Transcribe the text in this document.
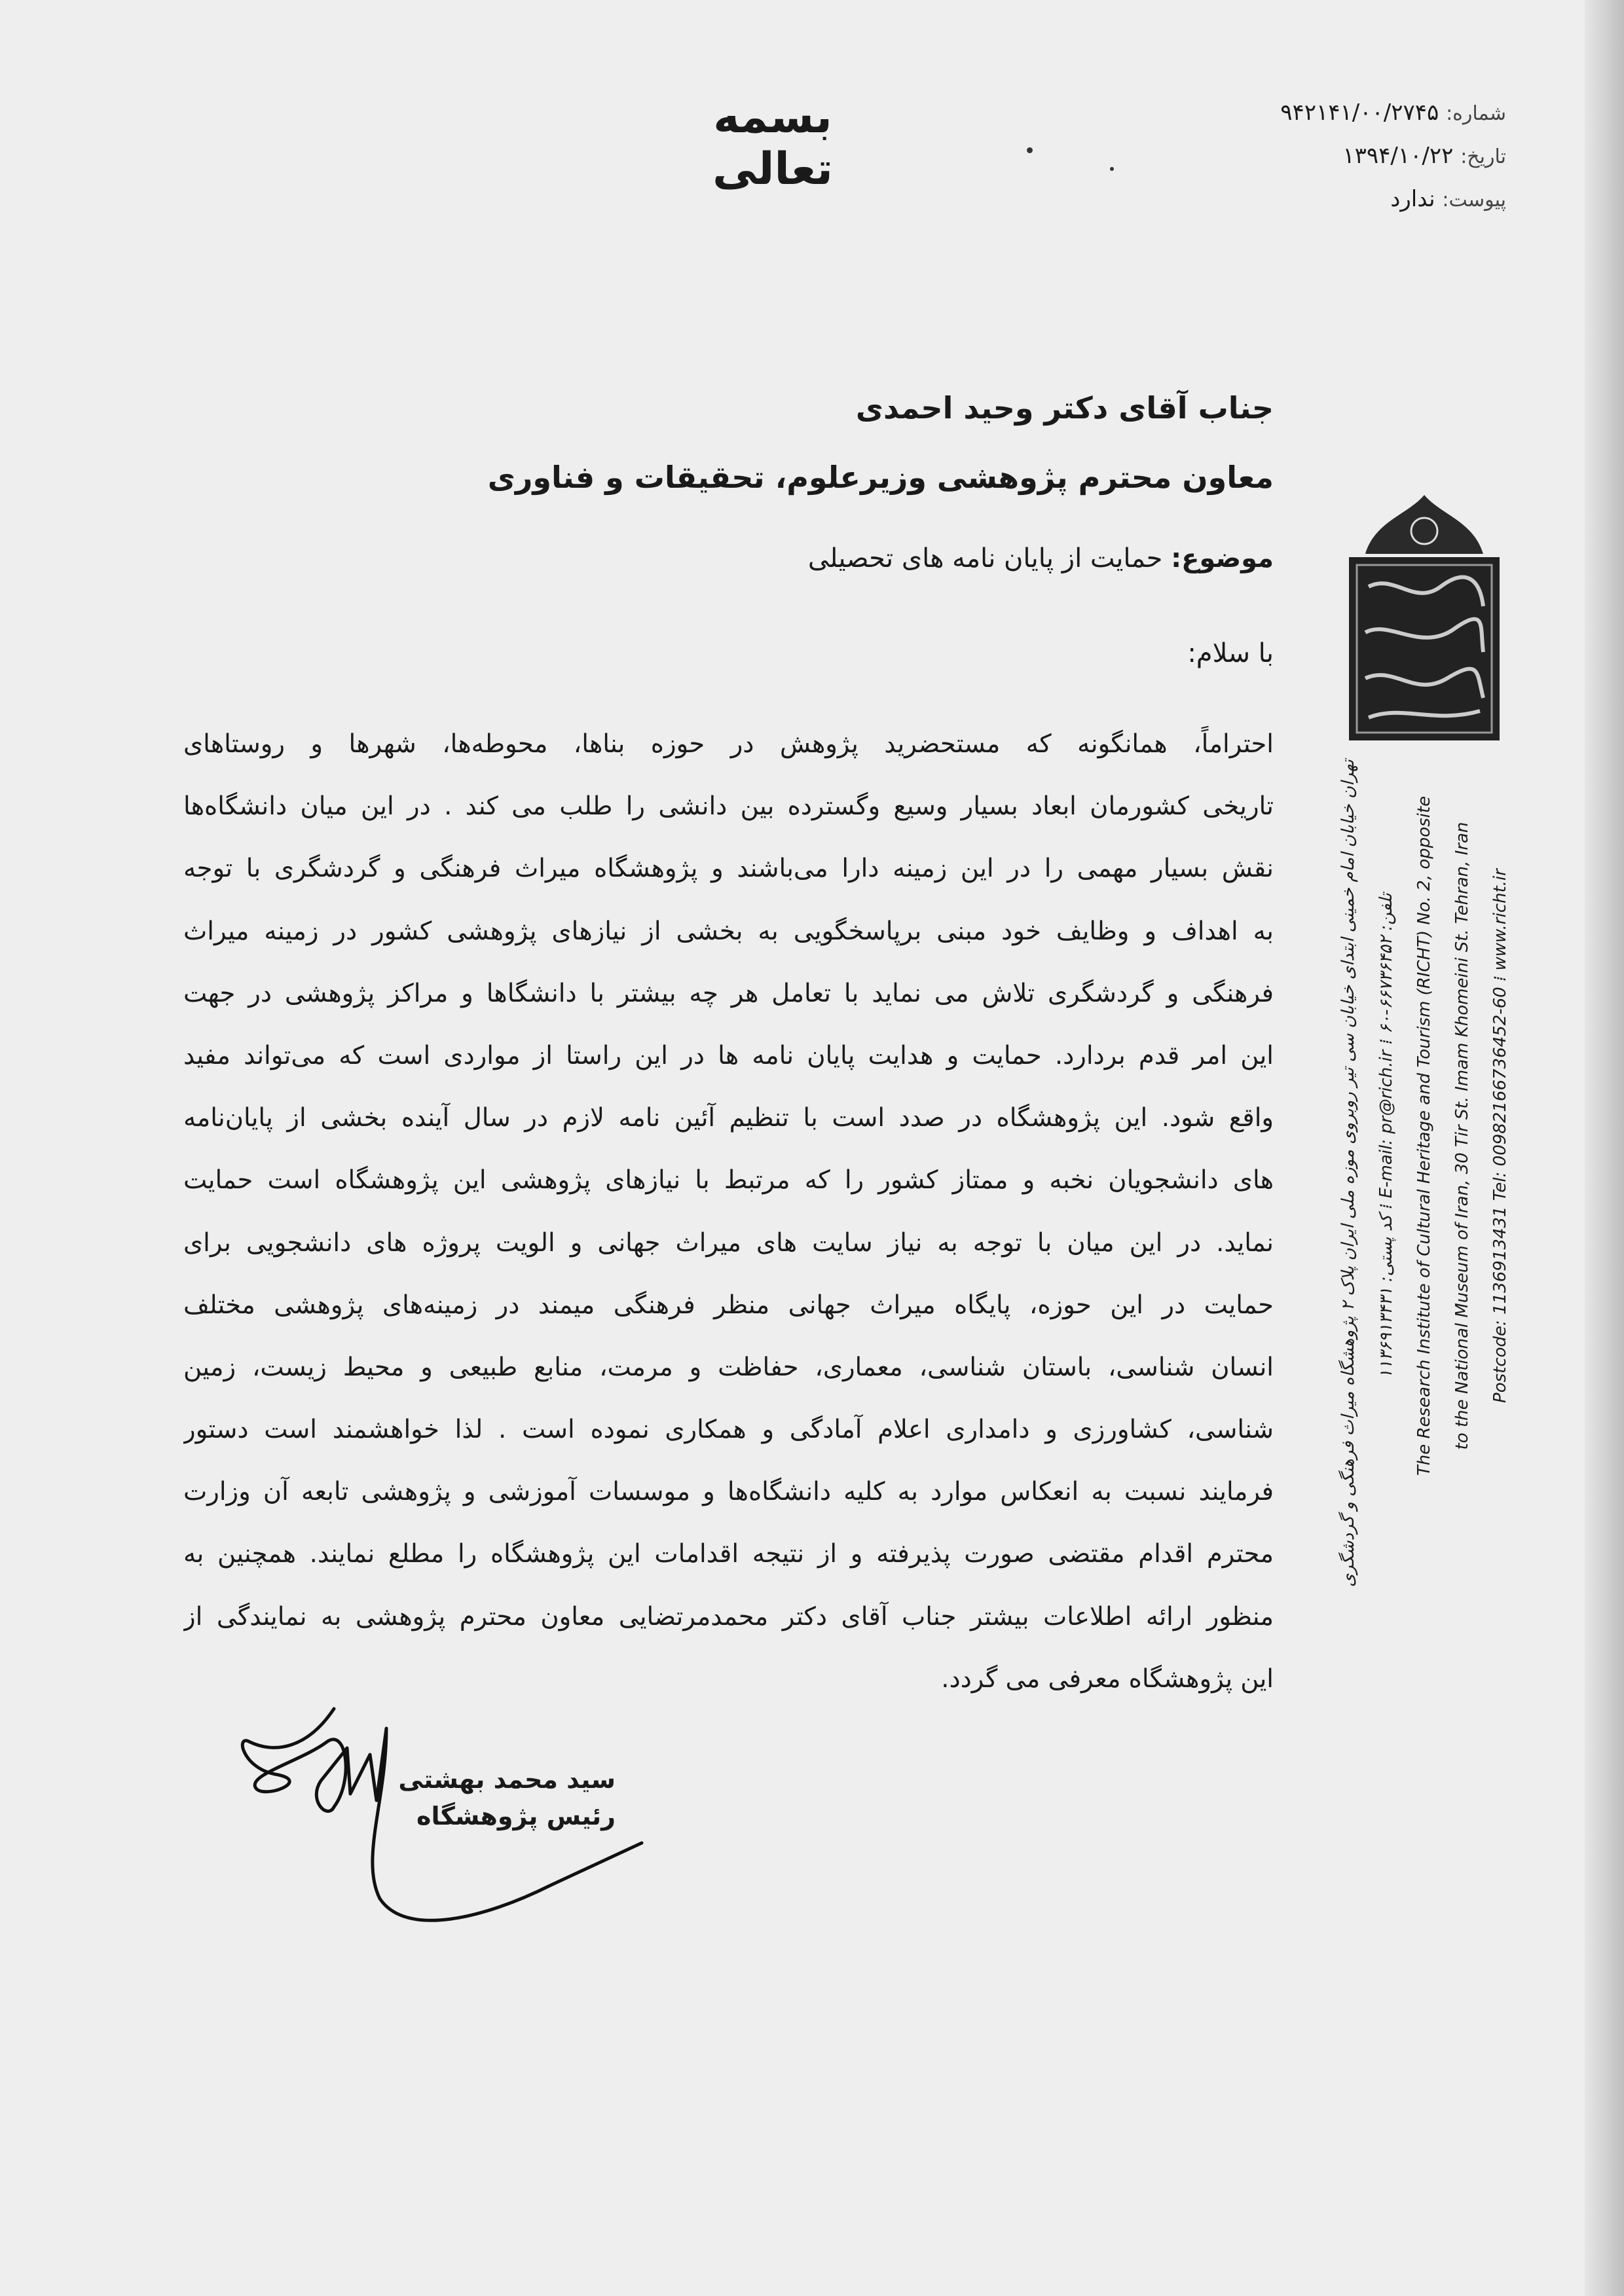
بسمه تعالی
شماره: ۹۴۲۱۴۱/۰۰/۲۷۴۵
تاریخ: ۱۳۹۴/۱۰/۲۲
پیوست: ندارد
جناب آقای دکتر وحید احمدی
معاون محترم پژوهشی وزیرعلوم، تحقیقات و فناوری
موضوع: حمایت از پایان نامه های تحصیلی
با سلام:
احتراماً، همانگونه که مستحضرید پژوهش در حوزه بناها، محوطه‌ها، شهرها و روستاهای
تاریخی کشورمان ابعاد بسیار وسیع وگسترده بین دانشی را طلب می کند . در این میان دانشگاه‌ها
نقش بسیار مهمی را در این زمینه دارا می‌باشند و پژوهشگاه میراث فرهنگی و گردشگری با توجه
به اهداف و وظایف خود مبنی برپاسخگویی به بخشی از نیازهای پژوهشی کشور در زمینه میراث
فرهنگی و گردشگری تلاش می نماید با تعامل هر چه بیشتر با دانشگاها و مراکز پژوهشی در جهت
این امر قدم بردارد. حمایت و هدایت پایان نامه ها در این راستا از مواردی است که می‌تواند مفید
واقع شود. این پژوهشگاه در صدد است با تنظیم آئین نامه لازم در سال آینده بخشی از پایان‌نامه
های دانشجویان نخبه و ممتاز کشور را که مرتبط با نیازهای پژوهشی این پژوهشگاه است حمایت
نماید. در این میان با توجه به نیاز سایت های میراث جهانی و الویت پروژه های دانشجویی برای
حمایت در این حوزه، پایگاه میراث جهانی منظر فرهنگی میمند در زمینه‌های پژوهشی مختلف
انسان شناسی، باستان شناسی، معماری، حفاظت و مرمت، منابع طبیعی و محیط زیست، زمین
شناسی، کشاورزی و دامداری اعلام آمادگی و همکاری نموده است . لذا خواهشمند است دستور
فرمایند نسبت به انعکاس موارد به کلیه دانشگاه‌ها و موسسات آموزشی و پژوهشی تابعه آن وزارت
محترم اقدام مقتضی صورت پذیرفته و از نتیجه اقدامات این پژوهشگاه را مطلع نمایند. همچنین به
منظور ارائه اطلاعات بیشتر جناب آقای دکتر محمدمرتضایی معاون محترم پژوهشی به نمایندگی از
این پژوهشگاه معرفی می گردد.
سید محمد بهشتی
رئیس پژوهشگاه
تهران خیابان امام خمینی ابتدای خیابان سی تیر روبروی موزه ملی ایران پلاک ۲ پژوهشگاه میراث فرهنگی و گردشگری
تلفن: ۶۶۷۳۶۴۵۲-۶۰ ⁞ E-mail: pr@rich.ir ⁞ کد پستی: ۱۱۳۶۹۱۳۴۳۱	The Research Institute of Cultural Heritage and Tourism (RICHT) No. 2, opposite	to the National Museum of Iran, 30 Tir St. Imam Khomeini St. Tehran, Iran	Postcode: 1136913431 Tel: 00982166736452-60 ⁞ www.richt.ir
